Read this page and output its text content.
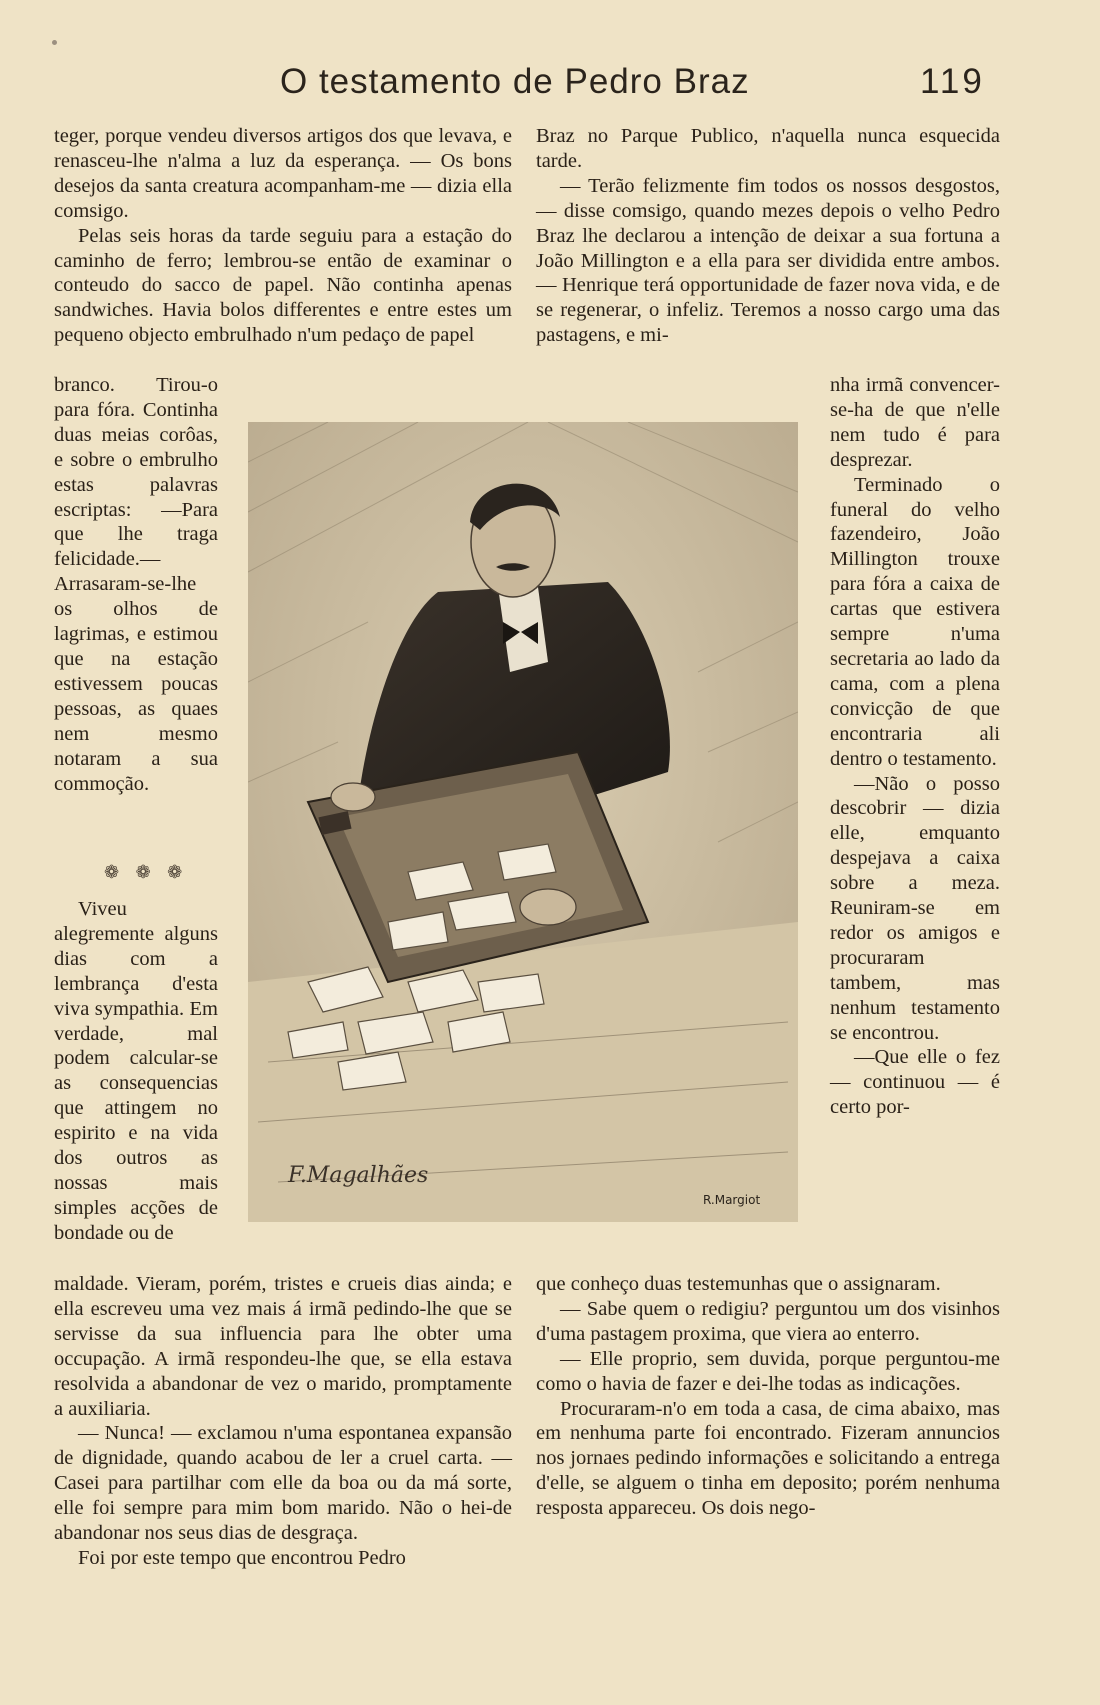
O testamento de Pedro Braz	119

teger, porque vendeu diversos artigos dos que levava, e renasceu-lhe n'alma a luz da esperança. — Os bons desejos da santa creatura acompanham-me — dizia ella comsigo.

Pelas seis horas da tarde seguiu para a estação do caminho de ferro; lembrou-se então de examinar o conteudo do sacco de papel. Não continha apenas sandwiches. Havia bolos differentes e entre estes um pequeno objecto embrulhado n'um pedaço de papel

branco. Tirou-o para fóra. Continha duas meias corôas, e sobre o embrulho estas palavras escriptas: —Para que lhe traga felicidade.—Arrasaram-se-lhe os olhos de lagrimas, e estimou que na estação estivessem poucas pessoas, as quaes nem mesmo notaram a sua commoção.

❁ ❁ ❁

Viveu alegremente alguns dias com a lembrança d'esta viva sympathia. Em verdade, mal podem calcular-se as consequencias que attingem no espirito e na vida dos outros as nossas mais simples acções de bondade ou de

maldade. Vieram, porém, tristes e crueis dias ainda; e ella escreveu uma vez mais á irmã pedindo-lhe que se servisse da sua influencia para lhe obter uma occupação. A irmã respondeu-lhe que, se ella estava resolvida a abandonar de vez o marido, promptamente a auxiliaria.

— Nunca! — exclamou n'uma espontanea expansão de dignidade, quando acabou de ler a cruel carta. — Casei para partilhar com elle da boa ou da má sorte, elle foi sempre para mim bom marido. Não o hei-de abandonar nos seus dias de desgraça.

Foi por este tempo que encontrou Pedro

Braz no Parque Publico, n'aquella nunca esquecida tarde.

— Terão felizmente fim todos os nossos desgostos, — disse comsigo, quando mezes depois o velho Pedro Braz lhe declarou a intenção de deixar a sua fortuna a João Millington e a ella para ser dividida entre ambos. — Henrique terá opportunidade de fazer nova vida, e de se regenerar, o infeliz. Teremos a nosso cargo uma das pastagens, e mi-

nha irmã convencer-se-ha de que n'elle nem tudo é para desprezar.

Terminado o funeral do velho fazendeiro, João Millington trouxe para fóra a caixa de cartas que estivera sempre n'uma secretaria ao lado da cama, com a plena convicção de que encontraria ali dentro o testamento.

—Não o posso descobrir — dizia elle, emquanto despejava a caixa sobre a meza. Reuniram-se em redor os amigos e procuraram tambem, mas nenhum testamento se encontrou.

—Que elle o fez — continuou — é certo por-

que conheço duas testemunhas que o assignaram.

— Sabe quem o redigiu? perguntou um dos visinhos d'uma pastagem proxima, que viera ao enterro.

— Elle proprio, sem duvida, porque perguntou-me como o havia de fazer e dei-lhe todas as indicações.

Procuraram-n'o em toda a casa, de cima abaixo, mas em nenhuma parte foi encontrado. Fizeram annuncios nos jornaes pedindo informações e solicitando a entrega d'elle, se alguem o tinha em deposito; porém nenhuma resposta appareceu. Os dois nego-

F.Magalhães
R.Margiot
